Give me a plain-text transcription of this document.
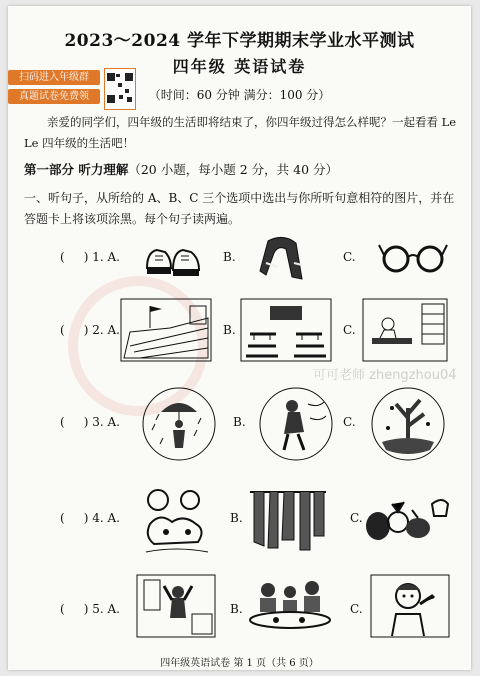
可可老师 zhengzhou04
2023～2024 学年下学期期末学业水平测试
四年级 英语试卷
扫码进入年级群
真题试卷免费领	（时间：60 分钟 满分：100 分）
亲爱的同学们，四年级的生活即将结束了，你四年级过得怎么样呢？一起看看 Le Le 四年级的生活吧！
第一部分 听力理解（20 小题，每小题 2 分，共 40 分）
一、听句子，从所给的 A、B、C 三个选项中选出与你所听句意相符的图片，并在答题卡上将该项涂黑。每个句子读两遍。
(     ) 1. A.	B.	C.
(     ) 2. A.	B.	C.
(     ) 3. A.	B.	C.
(     ) 4. A.	B.	C.
(     ) 5. A.	B.	C.
四年级英语试卷 第 1 页（共 6 页）
